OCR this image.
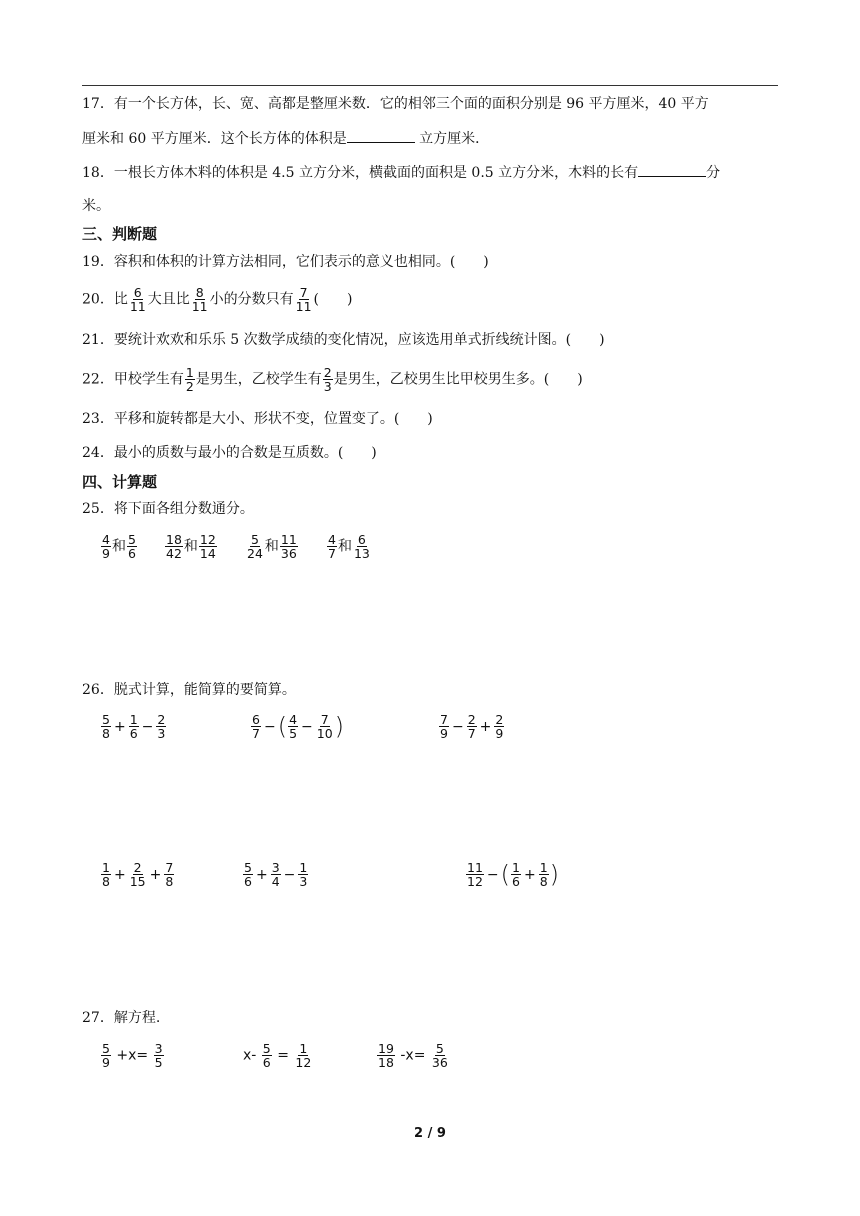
17．有一个长方体，长、宽、高都是整厘米数．它的相邻三个面的面积分别是 96 平方厘米，40 平方
厘米和 60 平方厘米．这个长方体的体积是	立方厘米．
18．一根长方体木料的体积是 4.5 立方分米，横截面的面积是 0.5 立方分米，木料的长有	分
米。
三、判断题
19．容积和体积的计算方法相同，它们表示的意义也相同。(　　)
20．比 $\frac{6}{11}$ 大且比 $\frac{8}{11}$ 小的分数只有 $\frac{7}{11}$ (　　)
21．要统计欢欢和乐乐 5 次数学成绩的变化情况，应该选用单式折线统计图。(　　)
22．甲校学生有 $\frac{1}{2}$ 是男生，乙校学生有 $\frac{2}{3}$ 是男生，乙校男生比甲校男生多。(　　)
23．平移和旋转都是大小、形状不变，位置变了。(　　)
24．最小的质数与最小的合数是互质数。(　　)
四、计算题
25．将下面各组分数通分。
$\frac{4}{9}$ 和 $\frac{5}{6} \frac{18}{42}$ 和 $\frac{12}{14} \frac{5}{24}$ 和 $\frac{11}{36} \frac{4}{7}$ 和 $\frac{6}{13}$
26．脱式计算，能简算的要简算。
$\frac{5}{8} + \frac{1}{6} - \frac{2}{3}$	$\frac{6}{7}$ −( $\frac{4}{5} - \frac{7}{10}$ )	$\frac{7}{9} - \frac{2}{7} + \frac{2}{9}$
$\frac{1}{8} + \frac{2}{15} + \frac{7}{8}$	$\frac{5}{6} + \frac{3}{4} - \frac{1}{3}$	$\frac{11}{12}$ −( $\frac{1}{6} + \frac{1}{8}$ )
27．解方程.
$\frac{5}{9} +x= \frac{3}{5}$	$x- \frac{5}{6} = \frac{1}{12}$	$\frac{19}{18} -x= \frac{5}{36}$
2 / 9
